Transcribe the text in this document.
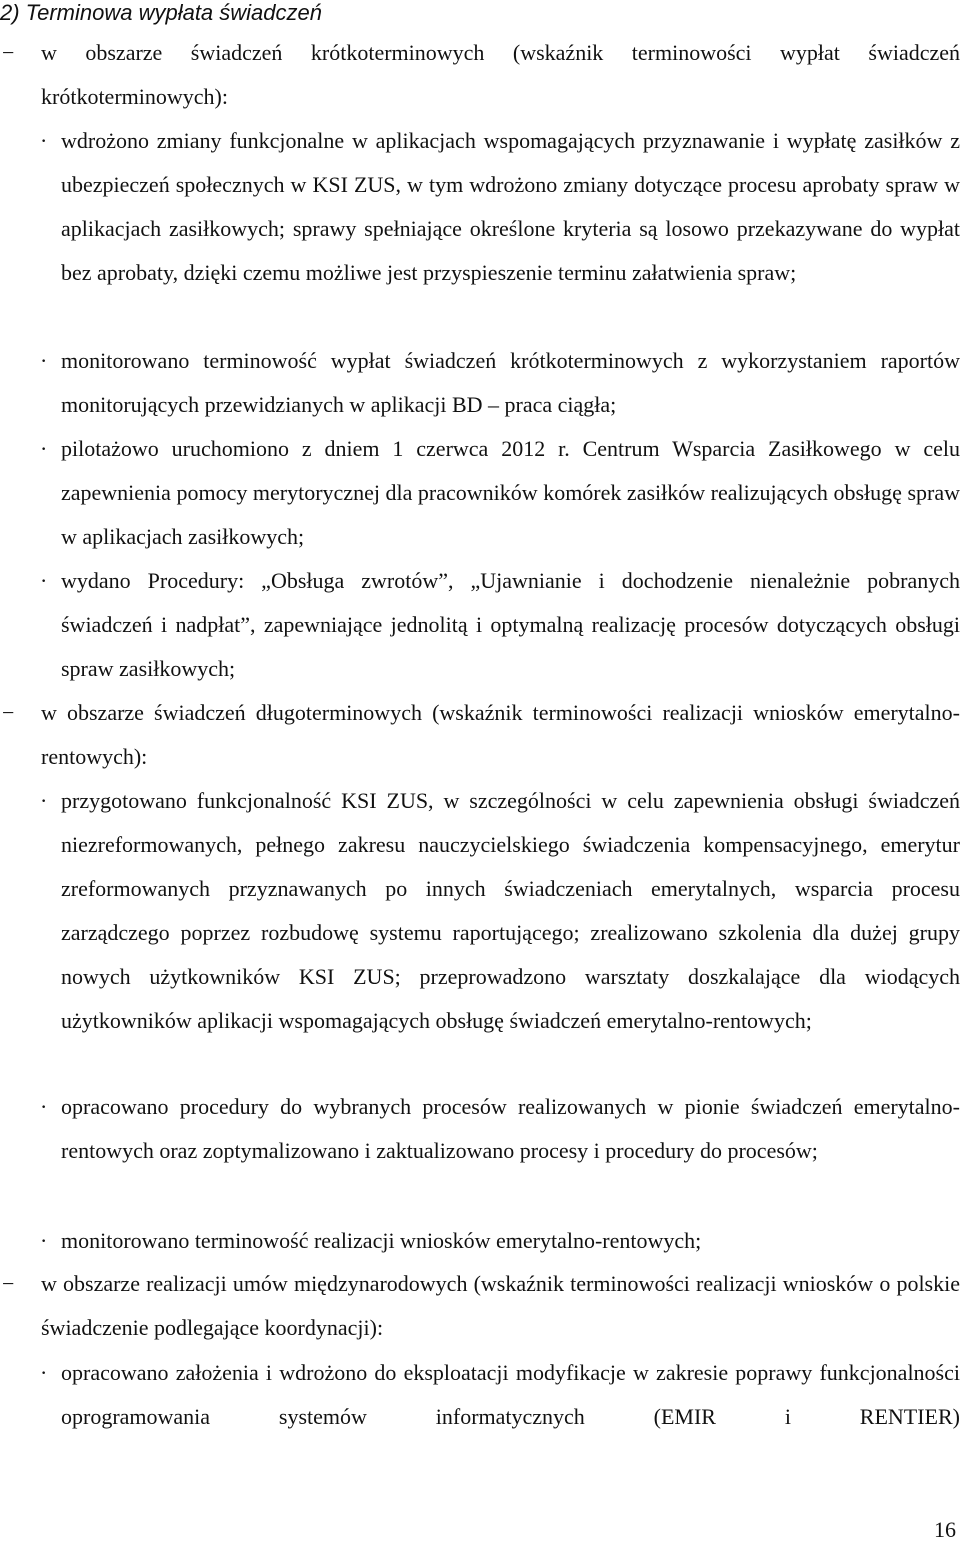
2) Terminowa wypłata świadczeń
− w obszarze świadczeń krótkoterminowych (wskaźnik terminowości wypłat świadczeń krótkoterminowych):
· wdrożono zmiany funkcjonalne w aplikacjach wspomagających przyznawanie i wypłatę zasiłków z ubezpieczeń społecznych w KSI ZUS, w tym wdrożono zmiany dotyczące procesu aprobaty spraw w aplikacjach zasiłkowych; sprawy spełniające określone kryteria są losowo przekazywane do wypłat bez aprobaty, dzięki czemu możliwe jest przyspieszenie terminu załatwienia spraw;
· monitorowano terminowość wypłat świadczeń krótkoterminowych z wykorzystaniem raportów monitorujących przewidzianych w aplikacji BD – praca ciągła;
· pilotażowo uruchomiono z dniem 1 czerwca 2012 r. Centrum Wsparcia Zasiłkowego w celu zapewnienia pomocy merytorycznej dla pracowników komórek zasiłków realizujących obsługę spraw w aplikacjach zasiłkowych;
· wydano Procedury: „Obsługa zwrotów”, „Ujawnianie i dochodzenie nienależnie pobranych świadczeń i nadpłat”, zapewniające jednolitą i optymalną realizację procesów dotyczących obsługi spraw zasiłkowych;
− w obszarze świadczeń długoterminowych (wskaźnik terminowości realizacji wniosków emerytalno-rentowych):
· przygotowano funkcjonalność KSI ZUS, w szczególności w celu zapewnienia obsługi świadczeń niezreformowanych, pełnego zakresu nauczycielskiego świadczenia kompensacyjnego, emerytur zreformowanych przyznawanych po innych świadczeniach emerytalnych, wsparcia procesu zarządczego poprzez rozbudowę systemu raportującego; zrealizowano szkolenia dla dużej grupy nowych użytkowników KSI ZUS; przeprowadzono warsztaty doszkalające dla wiodących użytkowników aplikacji wspomagających obsługę świadczeń emerytalno-rentowych;
· opracowano procedury do wybranych procesów realizowanych w pionie świadczeń emerytalno-rentowych oraz zoptymalizowano i zaktualizowano procesy i procedury do procesów;
· monitorowano terminowość realizacji wniosków emerytalno-rentowych;
− w obszarze realizacji umów międzynarodowych (wskaźnik terminowości realizacji wniosków o polskie świadczenie podlegające koordynacji):
· opracowano założenia i wdrożono do eksploatacji modyfikacje w zakresie poprawy funkcjonalności oprogramowania systemów informatycznych (EMIR i RENTIER)
16
